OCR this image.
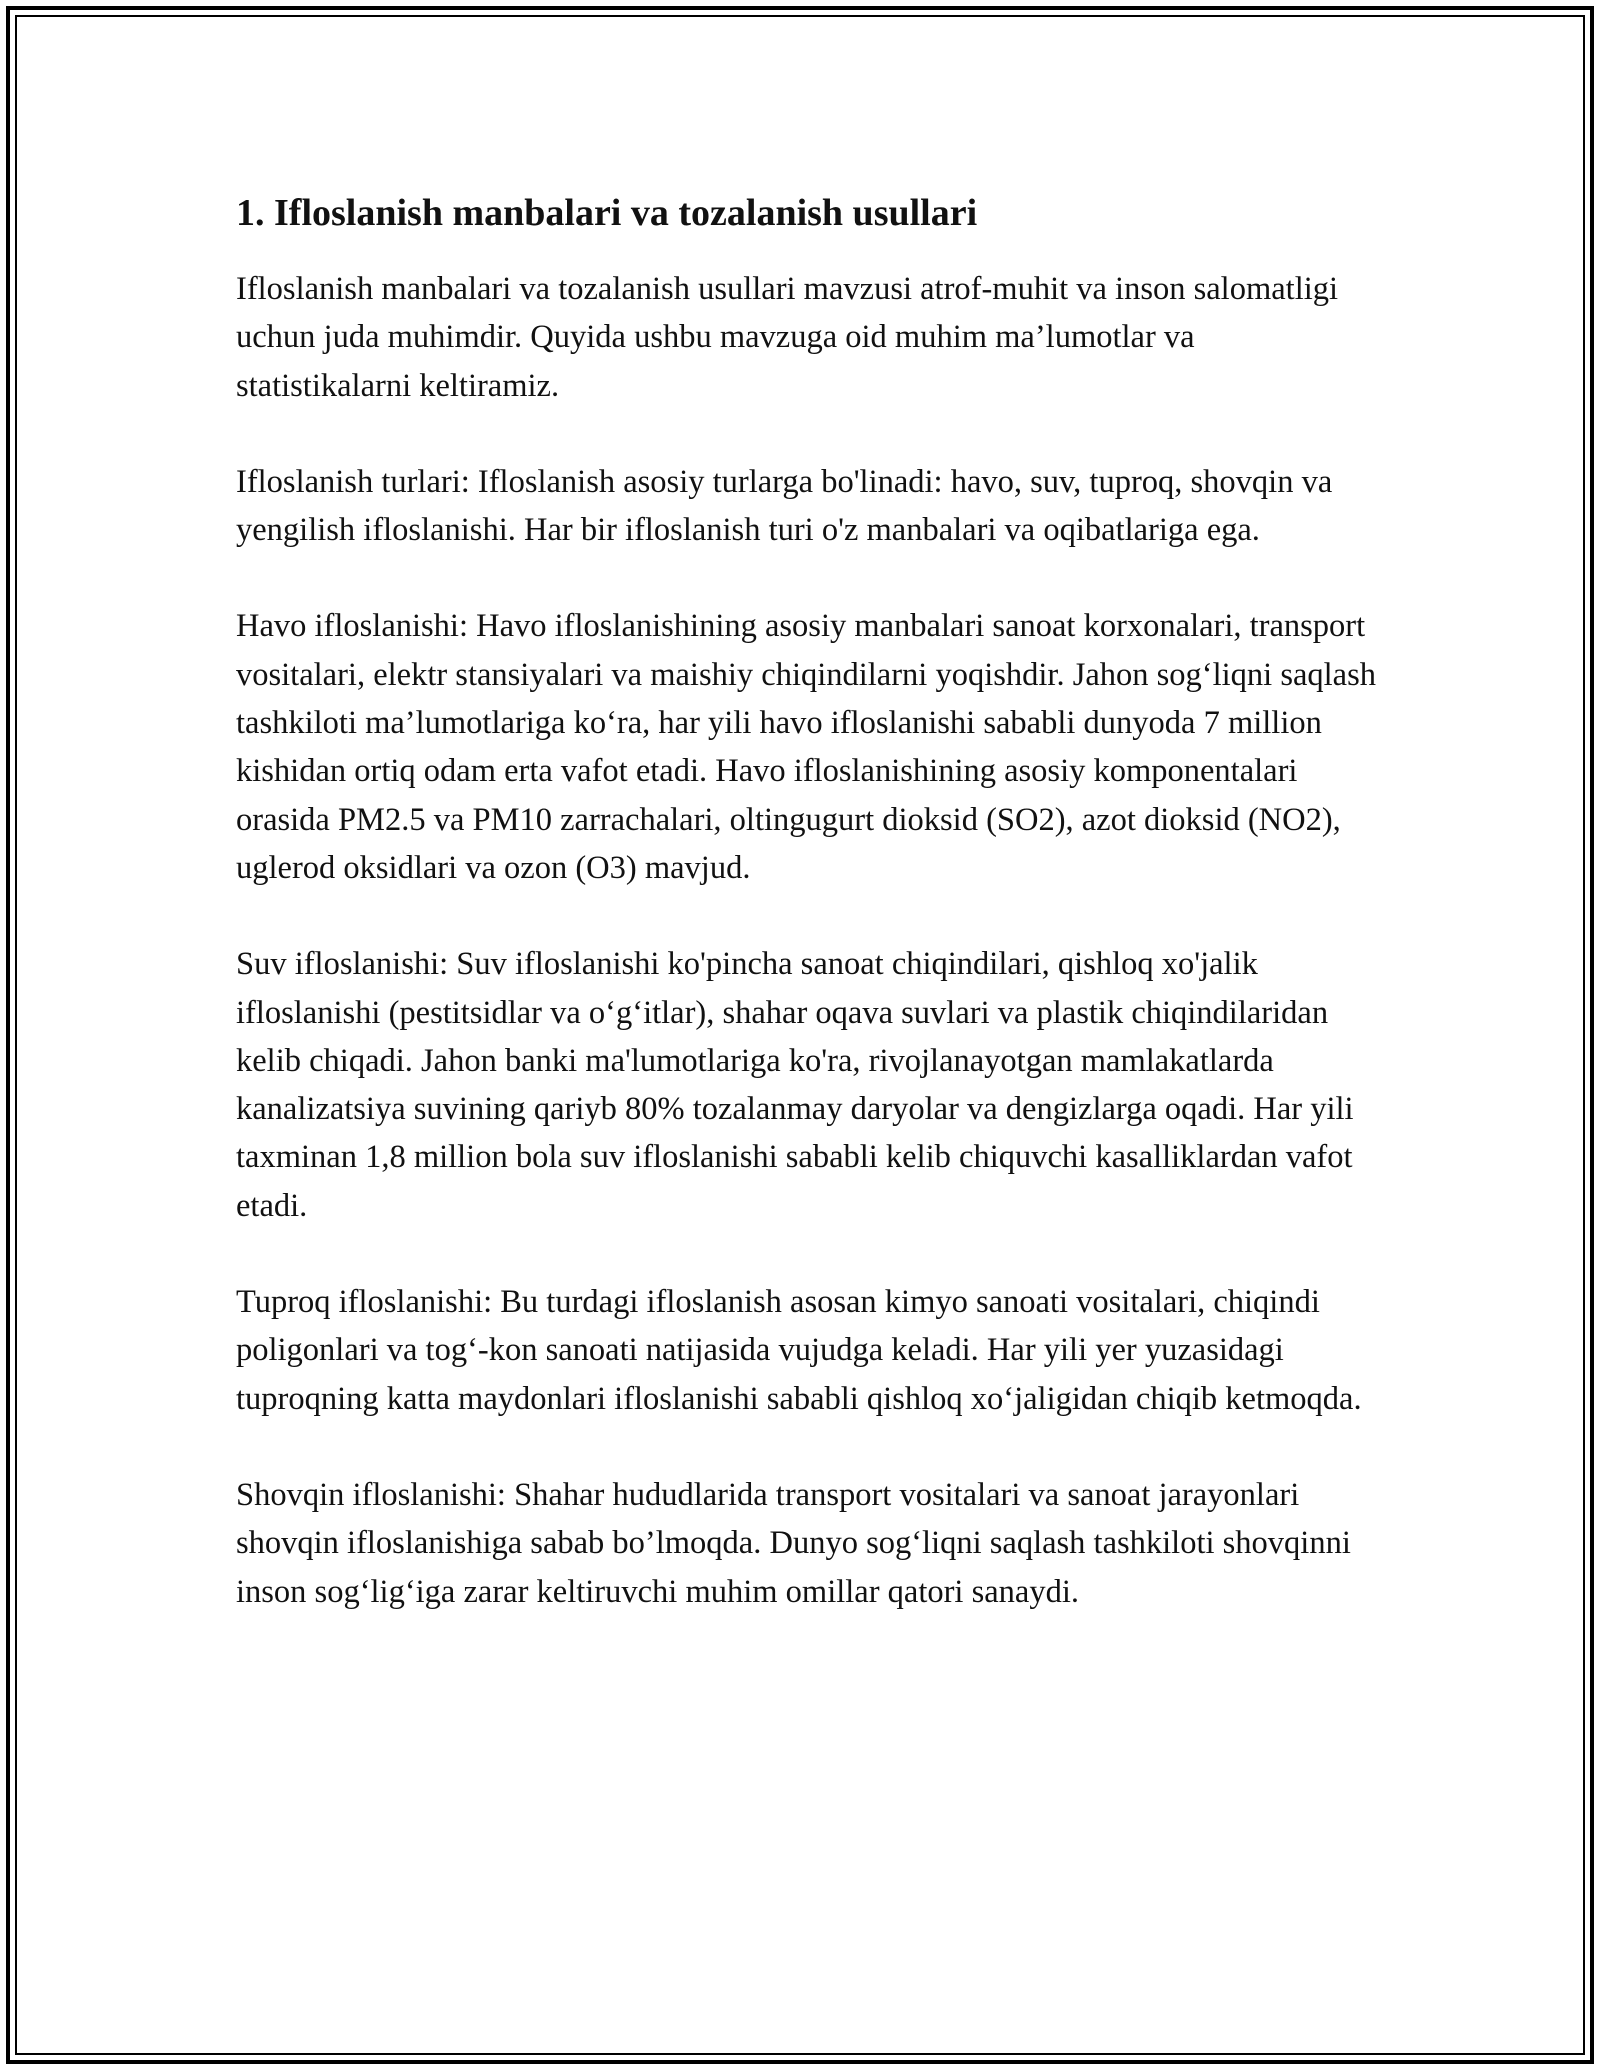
1. Ifloslanish manbalari va tozalanish usullari

Ifloslanish manbalari va tozalanish usullari mavzusi atrof-muhit va inson salomatligi uchun juda muhimdir. Quyida ushbu mavzuga oid muhim ma’lumotlar va statistikalarni keltiramiz.

Ifloslanish turlari: Ifloslanish asosiy turlarga bo'linadi: havo, suv, tuproq, shovqin va yengilish ifloslanishi. Har bir ifloslanish turi o'z manbalari va oqibatlariga ega.

Havo ifloslanishi: Havo ifloslanishining asosiy manbalari sanoat korxonalari, transport vositalari, elektr stansiyalari va maishiy chiqindilarni yoqishdir. Jahon sog‘liqni saqlash tashkiloti ma’lumotlariga ko‘ra, har yili havo ifloslanishi sababli dunyoda 7 million kishidan ortiq odam erta vafot etadi. Havo ifloslanishining asosiy komponentalari orasida PM2.5 va PM10 zarrachalari, oltingugurt dioksid (SO2), azot dioksid (NO2), uglerod oksidlari va ozon (O3) mavjud.

Suv ifloslanishi: Suv ifloslanishi ko'pincha sanoat chiqindilari, qishloq xo'jalik ifloslanishi (pestitsidlar va o‘g‘itlar), shahar oqava suvlari va plastik chiqindilaridan kelib chiqadi. Jahon banki ma'lumotlariga ko'ra, rivojlanayotgan mamlakatlarda kanalizatsiya suvining qariyb 80% tozalanmay daryolar va dengizlarga oqadi. Har yili taxminan 1,8 million bola suv ifloslanishi sababli kelib chiquvchi kasalliklardan vafot etadi.

Tuproq ifloslanishi: Bu turdagi ifloslanish asosan kimyo sanoati vositalari, chiqindi poligonlari va tog‘-kon sanoati natijasida vujudga keladi. Har yili yer yuzasidagi tuproqning katta maydonlari ifloslanishi sababli qishloq xo‘jaligidan chiqib ketmoqda.

Shovqin ifloslanishi: Shahar hududlarida transport vositalari va sanoat jarayonlari shovqin ifloslanishiga sabab bo’lmoqda. Dunyo sog‘liqni saqlash tashkiloti shovqinni inson sog‘lig‘iga zarar keltiruvchi muhim omillar qatori sanaydi.
